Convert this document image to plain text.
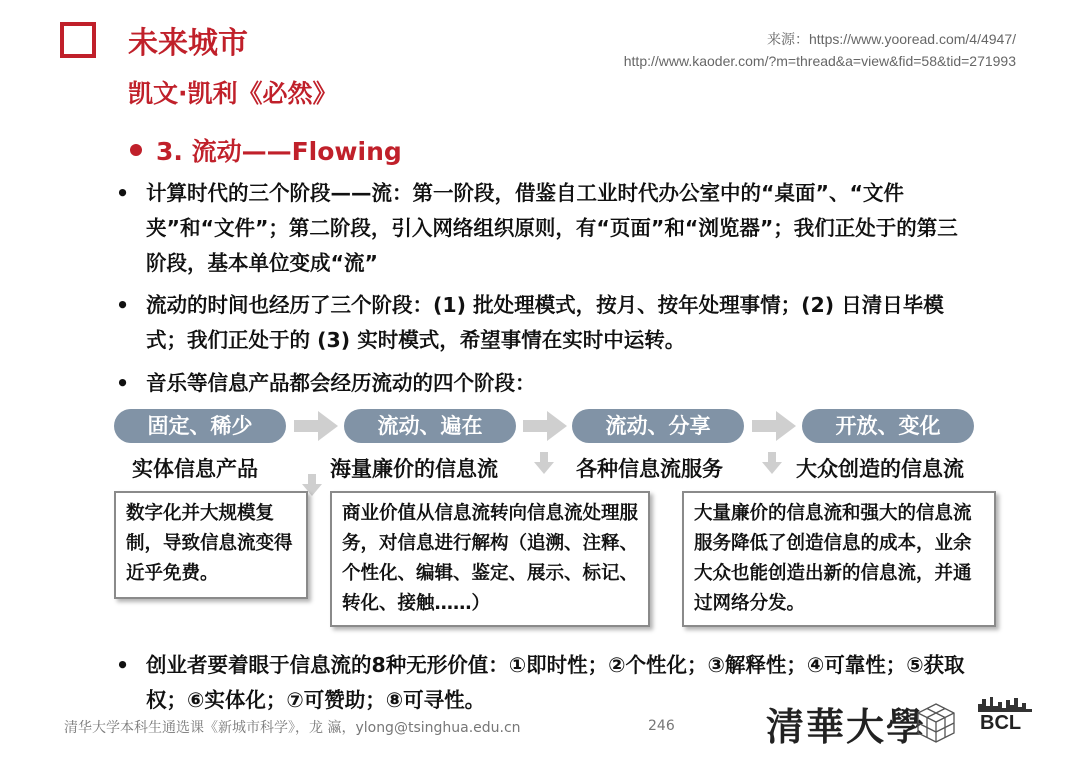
未来城市
凯文·凯利《必然》
来源：https://www.yooread.com/4/4947/
http://www.kaoder.com/?m=thread&a=view&fid=58&tid=271993
3. 流动——Flowing
• 计算时代的三个阶段——流：第一阶段，借鉴自工业时代办公室中的“桌面”、“文件夹”和“文件”；第二阶段，引入网络组织原则，有“页面”和“浏览器”；我们正处于的第三阶段，基本单位变成“流”
• 流动的时间也经历了三个阶段：(1) 批处理模式，按月、按年处理事情；(2) 日清日毕模式；我们正处于的 (3) 实时模式，希望事情在实时中运转。
• 音乐等信息产品都会经历流动的四个阶段：
固定、稀少	流动、遍在	流动、分享	开放、变化
实体信息产品	海量廉价的信息流	各种信息流服务	大众创造的信息流
数字化并大规模复制，导致信息流变得近乎免费。
商业价值从信息流转向信息流处理服务，对信息进行解构（追溯、注释、个性化、编辑、鉴定、展示、标记、转化、接触……）
大量廉价的信息流和强大的信息流服务降低了创造信息的成本，业余大众也能创造出新的信息流，并通过网络分发。
• 创业者要着眼于信息流的8种无形价值：①即时性；②个性化；③解释性；④可靠性；⑤获取权；⑥实体化；⑦可赞助；⑧可寻性。
清华大学本科生通选课《新城市科学》，龙 瀛，ylong@tsinghua.edu.cn	246 清華大學	BCL
